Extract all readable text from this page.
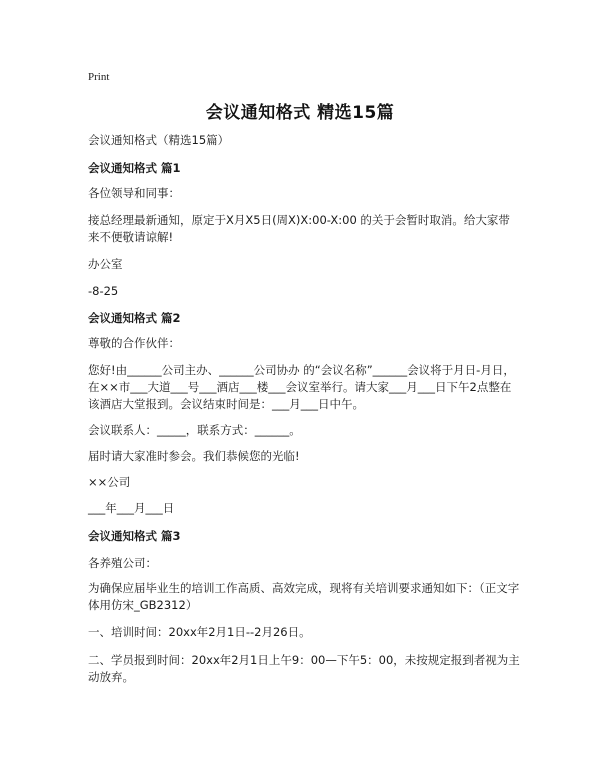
Print
会议通知格式 精选15篇

会议通知格式（精选15篇）

会议通知格式 篇1

各位领导和同事：

接总经理最新通知，原定于X月X5日(周X)X:00-X:00 的关于会暂时取消。给大家带来不便敬请谅解!

办公室

-8-25

会议通知格式 篇2

尊敬的合作伙伴：

您好!由______公司主办、______公司协办 的“会议名称”______会议将于月日-月日，在××市___大道___号___酒店___楼___会议室举行。请大家___月___日下午2点整在该酒店大堂报到。会议结束时间是：___月___日中午。

会议联系人：_____，联系方式：______。

届时请大家准时参会。我们恭候您的光临!

××公司

___年___月___日

会议通知格式 篇3

各养殖公司：

为确保应届毕业生的培训工作高质、高效完成，现将有关培训要求通知如下：（正文字体用仿宋_GB2312）

一、培训时间：20xx年2月1日--2月26日。

二、学员报到时间：20xx年2月1日上午9：00—下午5：00，未按规定报到者视为主动放弃。
